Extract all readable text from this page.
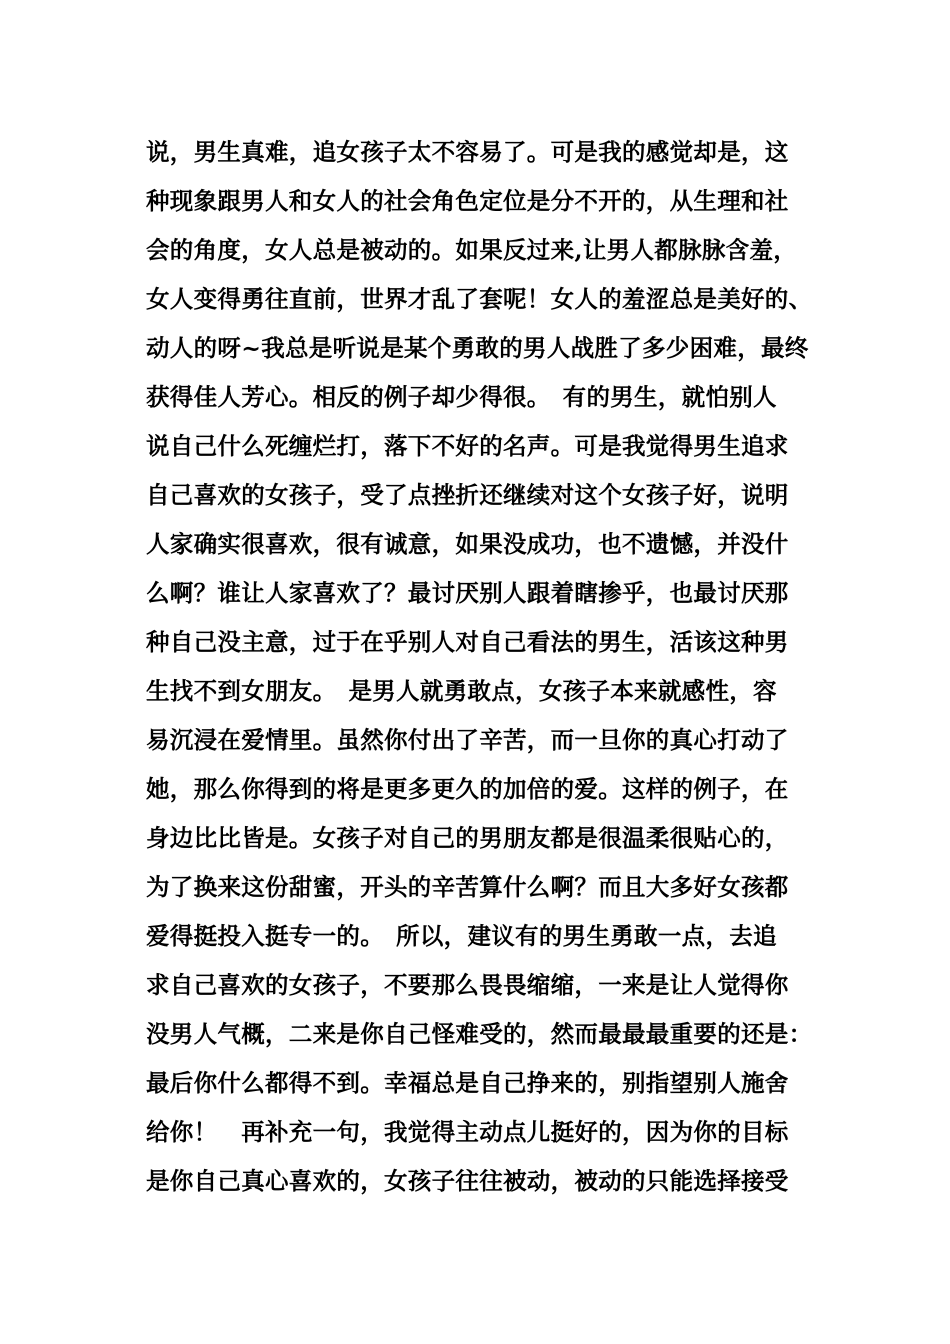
说，男生真难，追女孩子太不容易了。可是我的感觉却是，这
种现象跟男人和女人的社会角色定位是分不开的，从生理和社
会的角度，女人总是被动的。如果反过来,让男人都脉脉含羞，
女人变得勇往直前，世界才乱了套呢！女人的羞涩总是美好的、
动人的呀~我总是听说是某个勇敢的男人战胜了多少困难，最终
获得佳人芳心。相反的例子却少得很。　有的男生，就怕别人
说自己什么死缠烂打，落下不好的名声。可是我觉得男生追求
自己喜欢的女孩子，受了点挫折还继续对这个女孩子好，说明
人家确实很喜欢，很有诚意，如果没成功，也不遗憾，并没什
么啊？谁让人家喜欢了？最讨厌别人跟着瞎掺乎，也最讨厌那
种自己没主意，过于在乎别人对自己看法的男生，活该这种男
生找不到女朋友。　是男人就勇敢点，女孩子本来就感性，容
易沉浸在爱情里。虽然你付出了辛苦，而一旦你的真心打动了
她，那么你得到的将是更多更久的加倍的爱。这样的例子，在
身边比比皆是。女孩子对自己的男朋友都是很温柔很贴心的，
为了换来这份甜蜜，开头的辛苦算什么啊？而且大多好女孩都
爱得挺投入挺专一的。　所以，建议有的男生勇敢一点，去追
求自己喜欢的女孩子，不要那么畏畏缩缩，一来是让人觉得你
没男人气概，二来是你自己怪难受的，然而最最最重要的还是：
最后你什么都得不到。幸福总是自己挣来的，别指望别人施舍
给你！　再补充一句，我觉得主动点儿挺好的，因为你的目标
是你自己真心喜欢的，女孩子往往被动，被动的只能选择接受
